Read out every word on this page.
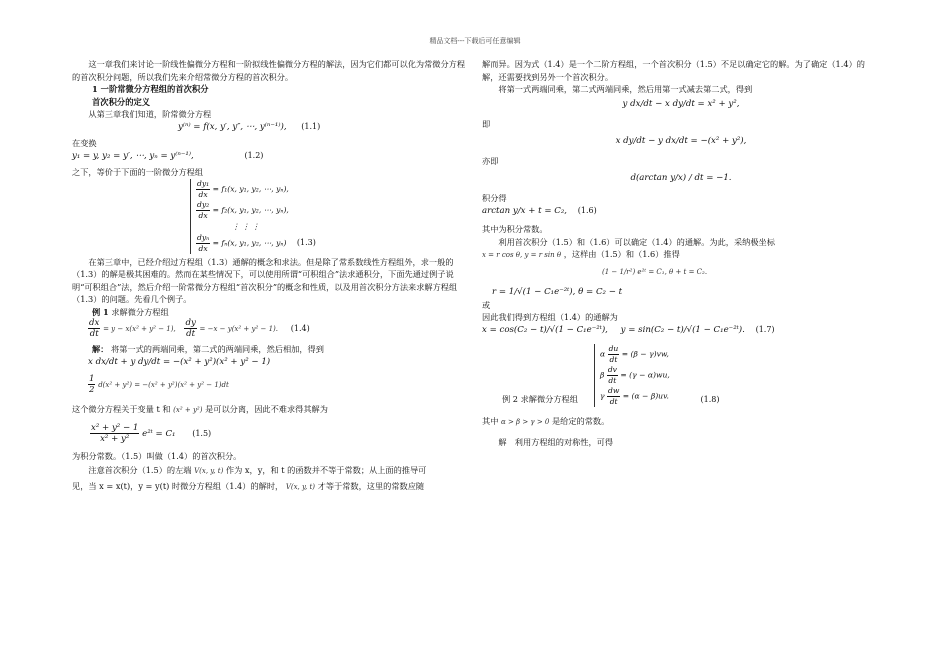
精品文档---下载后可任意编辑

这一章我们来讨论一阶线性偏微分方程和一阶拟线性偏微分方程的解法，因为它们都可以化为常微分方程的首次积分问题，所以我们先来介绍常微分方程的首次积分。

1 一阶常微分方程组的首次积分

首次积分的定义

从第三章我们知道，阶常微分方程

y⁽ⁿ⁾ = f(x, y′, y″, ⋯, y⁽ⁿ⁻¹⁾), (1.1)

在变换

y₁ = y, y₂ = y′, ⋯, yₙ = y⁽ⁿ⁻¹⁾,	(1.2)

之下，等价于下面的一阶微分方程组

$\frac{\text{dy₁}}{dx} = f_1(x$, y₁, y₂, ⋯, yₙ),
$\frac{\text{dy₂}}{dx} = f_2(x$, y₁, y₂, ⋯, yₙ),
⋮ ⋮ ⋮
$\frac{\text{dyₙ}}{dx} = f_n(x$, y₁, y₂, ⋯, yₙ) (1.3)

在第三章中，已经介绍过方程组（1.3）通解的概念和求法。但是除了常系数线性方程组外，求一般的（1.3）的解是极其困难的。然而在某些情况下，可以使用所谓“可积组合”法求通积分，下面先通过例子说明“可积组合”法，然后介绍一阶常微分方程组“首次积分”的概念和性质，以及用首次积分方法来求解方程组（1.3）的问题。先看几个例子。

例 1 求解微分方程组

$\frac{dx}{dt} = y - x(x^2 + y^2 - 1)$, $\frac{dy}{dt} = -x - y(x^2 + y^2 - 1)$. (1.4)

解： 将第一式的两端同乘，第二式的两端同乘，然后相加，得到

x dx/dt + y dy/dt = −(x² + y²)(x² + y² − 1)

$\frac{1}{2} d(x^2 + y^2) = -(x^2 + y^2)(x^2 + y^2 - 1)dt$

这个微分方程关于变量 t 和 (x² + y²) 是可以分离，因此不难求得其解为

$\frac{\text{x² + y² − 1}}{\text{x² + y²}}$ e²ᵗ = C₁ (1.5)

为积分常数。（1.5）叫做（1.4）的首次积分。

注意首次积分（1.5）的左端 V(x, y, t) 作为 x，y，和 t 的函数并不等于常数；从上面的推导可

见，当 x = x(t)，y = y(t) 时微分方程组（1.4）的解时， V(x, y, t) 才等于常数，这里的常数应随

解而异。因为式（1.4）是一个二阶方程组，一个首次积分（1.5）不足以确定它的解。为了确定（1.4）的解，还需要找到另外一个首次积分。

将第一式两端同乘，第二式两端同乘，然后用第一式减去第二式，得到

y dx/dt − x dy/dt = x² + y²,

即

x dy/dt − y dx/dt = −(x² + y²),

亦即

d(arctan y/x) / dt = −1.

积分得

arctan y/x + t = C₂, (1.6)

其中为积分常数。

利用首次积分（1.5）和（1.6）可以确定（1.4）的通解。为此，采纳极坐标

x = r cos θ, y = r sin θ ，这样由（1.5）和（1.6）推得

(1 − 1/r²) e²ᵗ = C₁, θ + t = C₂.

r = 1/√(1 − C₁e⁻²ᵗ), θ = C₂ − t

或

因此我们得到方程组（1.4）的通解为

x = cos(C₂ − t)/√(1 − C₁e⁻²ᵗ), y = sin(C₂ − t)/√(1 − C₁e⁻²ᵗ). (1.7)

α $\frac{du}{dt} = (\beta - \gamma)vw$,
β $\frac{dv}{dt} = (\gamma - \alpha)wu$,
γ $\frac{dw}{dt} = (\alpha - \beta)uv$.

例 2 求解微分方程组	(1.8)

其中 α > β > γ > 0 是给定的常数。

解　利用方程组的对称性，可得
